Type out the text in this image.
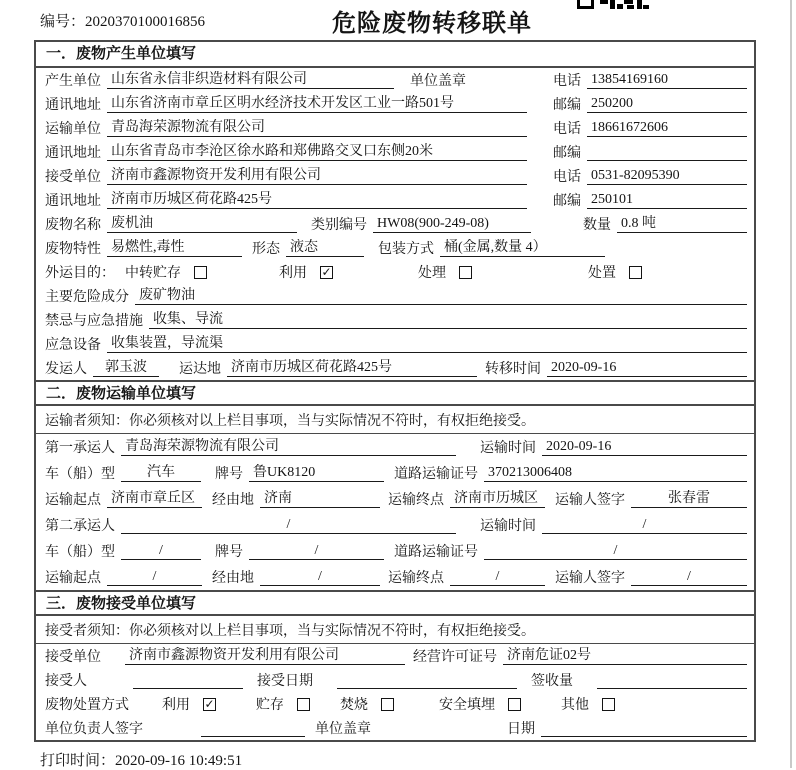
编号：2020370100016856	危险废物转移联单
一．废物产生单位填写
产生单位 山东省永信非织造材料有限公司	单位盖章	电话 13854169160
通讯地址 山东省济南市章丘区明水经济技术开发区工业一路501号	邮编 250200
运输单位 青岛海荣源物流有限公司	电话 18661672606
通讯地址 山东省青岛市李沧区徐水路和郑佛路交叉口东侧20米	邮编
接受单位 济南市鑫源物资开发利用有限公司	电话 0531-82095390
通讯地址 济南市历城区荷花路425号	邮编 250101
废物名称 废机油	类别编号 HW08(900-249-08)	数量 0.8 吨
废物特性 易燃性,毒性	形态 液态	包装方式 桶(金属,数量 4）
外运目的： 中转贮存	利用 ✓	处理	处置
主要危险成分 废矿物油
禁忌与应急措施 收集、导流
应急设备 收集装置，导流渠
发运人	郭玉波	运达地 济南市历城区荷花路425号	转移时间 2020-09-16
二．废物运输单位填写
运输者须知：你必须核对以上栏目事项，当与实际情况不符时，有权拒绝接受。
第一承运人 青岛海荣源物流有限公司	运输时间 2020-09-16
车（船）型	汽车	牌号 鲁UK8120	道路运输证号 370213006408
运输起点 济南市章丘区	经由地 济南	运输终点 济南市历城区	运输人签字	张春雷
第二承运人	/	运输时间	/
车（船）型	/	牌号	/	道路运输证号	/
运输起点	/	经由地	/	运输终点	/	运输人签字	/
三．废物接受单位填写
接受者须知：你必须核对以上栏目事项，当与实际情况不符时，有权拒绝接受。
接受单位 济南市鑫源物资开发利用有限公司	经营许可证号 济南危证02号
接受人	接受日期	签收量
废物处置方式 利用 ✓	贮存	焚烧	安全填埋	其他
单位负责人签字	单位盖章	日期
打印时间：2020-09-16 10:49:51
